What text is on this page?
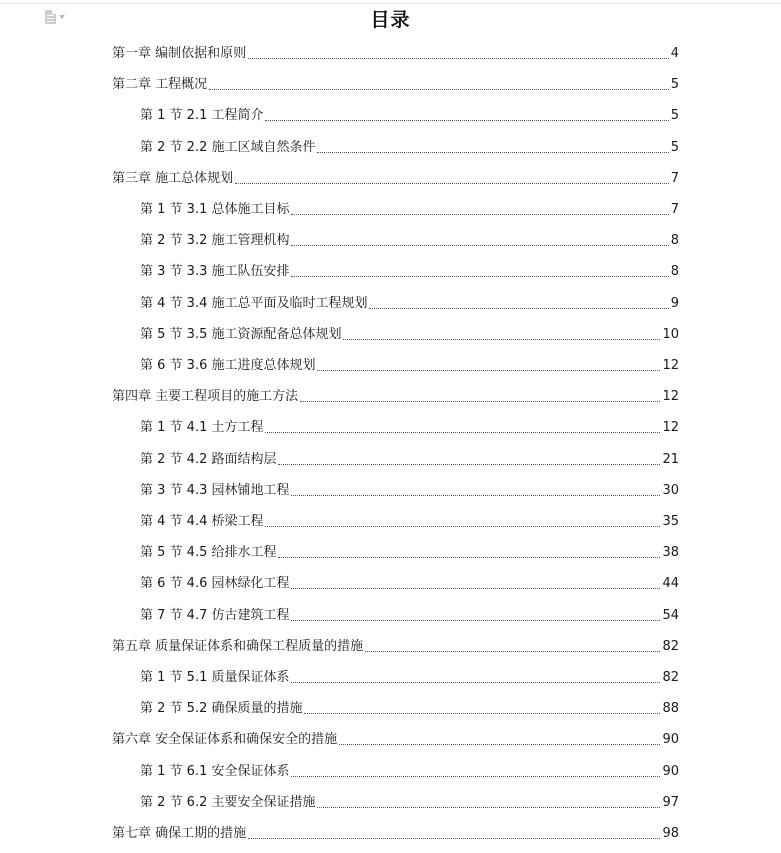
目录
第一章 编制依据和原则	4
第二章 工程概况	5
第 1 节 2.1 工程简介	5
第 2 节 2.2 施工区域自然条件	5
第三章 施工总体规划	7
第 1 节 3.1 总体施工目标	7
第 2 节 3.2 施工管理机构	8
第 3 节 3.3 施工队伍安排	8
第 4 节 3.4 施工总平面及临时工程规划	9
第 5 节 3.5 施工资源配备总体规划	10
第 6 节 3.6 施工进度总体规划	12
第四章 主要工程项目的施工方法	12
第 1 节 4.1 土方工程	12
第 2 节 4.2 路面结构层	21
第 3 节 4.3 园林铺地工程	30
第 4 节 4.4 桥梁工程	35
第 5 节 4.5 给排水工程	38
第 6 节 4.6 园林绿化工程	44
第 7 节 4.7 仿古建筑工程	54
第五章 质量保证体系和确保工程质量的措施	82
第 1 节 5.1 质量保证体系	82
第 2 节 5.2 确保质量的措施	88
第六章 安全保证体系和确保安全的措施	90
第 1 节 6.1 安全保证体系	90
第 2 节 6.2 主要安全保证措施	97
第七章 确保工期的措施	98
